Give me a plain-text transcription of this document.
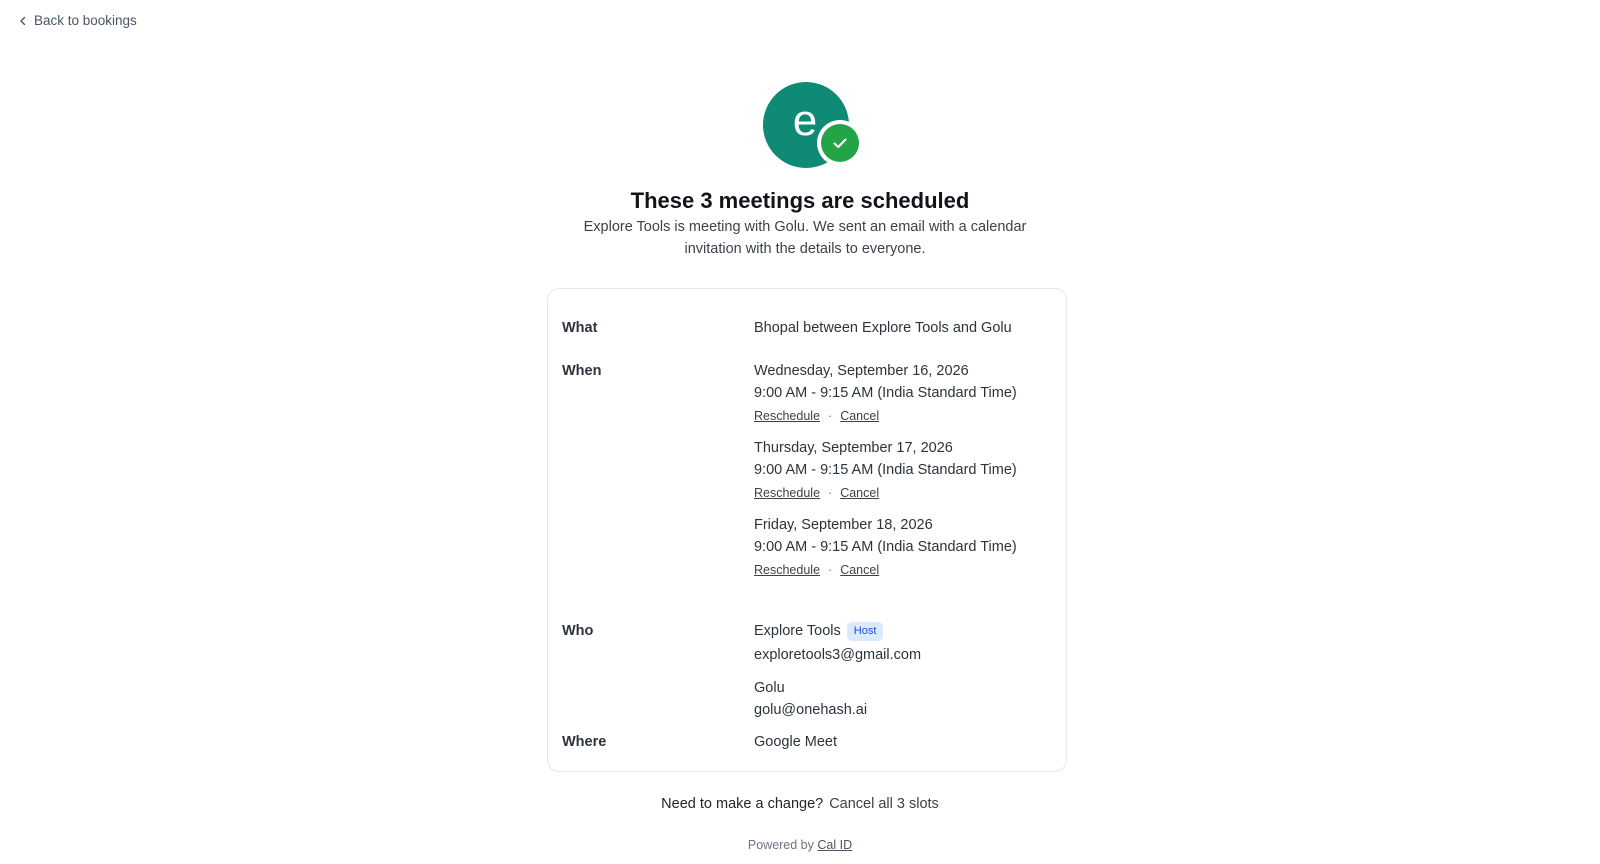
Back to bookings
e
These 3 meetings are scheduled

Explore Tools is meeting with Golu. We sent an email with a calendar invitation with the details to everyone.

What	Bhopal between Explore Tools and Golu
When	Wednesday, September 16, 2026
9:00 AM - 9:15 AM (India Standard Time)
Reschedule · Cancel
Thursday, September 17, 2026
9:00 AM - 9:15 AM (India Standard Time)
Reschedule · Cancel
Friday, September 18, 2026
9:00 AM - 9:15 AM (India Standard Time)
Reschedule · Cancel
Who	Explore Tools Host
exploretools3@gmail.com
Golu
golu@onehash.ai
Where	Google Meet
Need to make a change? Cancel all 3 slots
Powered by Cal ID
